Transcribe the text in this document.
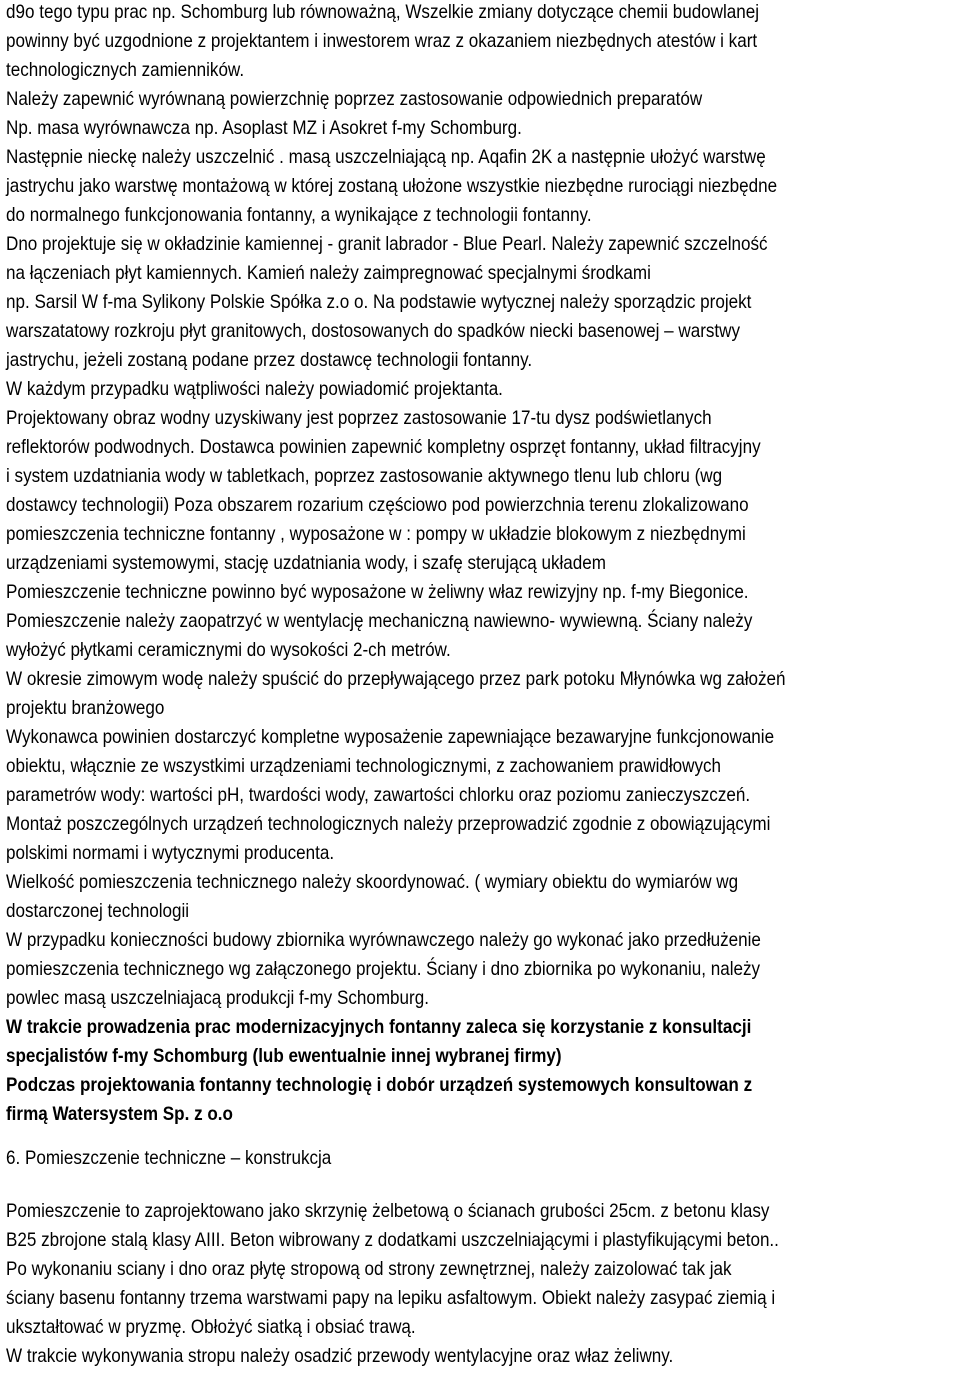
d9o tego typu prac np. Schomburg lub równoważną, Wszelkie zmiany dotyczące chemii budowlanej
powinny być uzgodnione z projektantem i inwestorem wraz z okazaniem niezbędnych atestów i kart
technologicznych zamienników.
Należy zapewnić wyrównaną powierzchnię poprzez zastosowanie odpowiednich preparatów
Np. masa wyrównawcza np. Asoplast MZ i Asokret f-my Schomburg.
Następnie nieckę należy uszczelnić . masą uszczelniającą np. Aqafin 2K a następnie ułożyć warstwę
jastrychu jako warstwę montażową w której zostaną ułożone wszystkie niezbędne rurociągi niezbędne
do normalnego funkcjonowania fontanny, a wynikające z technologii fontanny.
Dno projektuje się w okładzinie kamiennej - granit labrador - Blue Pearl. Należy zapewnić szczelność
na łączeniach płyt kamiennych. Kamień należy zaimpregnować specjalnymi środkami
np. Sarsil W f-ma Sylikony Polskie Spółka z.o o. Na podstawie wytycznej należy sporządzic projekt
warszatatowy rozkroju płyt granitowych, dostosowanych do spadków niecki basenowej – warstwy
jastrychu, jeżeli zostaną podane przez dostawcę technologii fontanny.
W każdym przypadku wątpliwości należy powiadomić projektanta.
Projektowany obraz wodny uzyskiwany jest poprzez zastosowanie 17-tu dysz podświetlanych
reflektorów podwodnych. Dostawca powinien zapewnić kompletny osprzęt fontanny, układ filtracyjny
i system uzdatniania wody w tabletkach, poprzez zastosowanie aktywnego tlenu lub chloru (wg
dostawcy technologii) Poza obszarem rozarium częściowo pod powierzchnia terenu zlokalizowano
pomieszczenia techniczne fontanny , wyposażone w : pompy w układzie blokowym z niezbędnymi
urządzeniami systemowymi, stację uzdatniania wody, i szafę sterującą układem
Pomieszczenie techniczne powinno być wyposażone w żeliwny właz rewizyjny np. f-my Biegonice.
Pomieszczenie należy zaopatrzyć w wentylację mechaniczną nawiewno- wywiewną. Ściany należy
wyłożyć płytkami ceramicznymi do wysokości 2-ch metrów.
W okresie zimowym wodę należy spuścić do przepływającego przez park potoku Młynówka wg założeń
projektu branżowego
Wykonawca powinien dostarczyć kompletne wyposażenie zapewniające bezawaryjne funkcjonowanie
obiektu, włącznie ze wszystkimi urządzeniami technologicznymi, z zachowaniem prawidłowych
parametrów wody: wartości pH, twardości wody, zawartości chlorku oraz poziomu zanieczyszczeń.
Montaż poszczególnych urządzeń technologicznych należy przeprowadzić zgodnie z obowiązującymi
polskimi normami i wytycznymi producenta.
Wielkość pomieszczenia technicznego należy skoordynować. ( wymiary obiektu do wymiarów wg
dostarczonej technologii
W przypadku konieczności budowy zbiornika wyrównawczego należy go wykonać jako przedłużenie
pomieszczenia technicznego wg załączonego projektu. Ściany i dno zbiornika po wykonaniu, należy
powlec masą uszczelniajacą produkcji f-my Schomburg.
W trakcie prowadzenia prac modernizacyjnych fontanny zaleca się korzystanie z konsultacji
specjalistów f-my Schomburg (lub ewentualnie innej wybranej firmy)
Podczas projektowania fontanny technologię i dobór urządzeń systemowych konsultowan z
firmą Watersystem Sp. z o.o
6. Pomieszczenie techniczne – konstrukcja
Pomieszczenie to zaprojektowano jako skrzynię żelbetową o ścianach grubości 25cm. z betonu klasy
B25 zbrojone stalą klasy AIII. Beton wibrowany z dodatkami uszczelniającymi i plastyfikującymi beton..
Po wykonaniu sciany i dno oraz płytę stropową od strony zewnętrznej, należy zaizolować tak jak
ściany basenu fontanny trzema warstwami papy na lepiku asfaltowym. Obiekt należy zasypać ziemią i
ukształtować w pryzmę. Obłożyć siatką i obsiać trawą.
W trakcie wykonywania stropu należy osadzić przewody wentylacyjne oraz właz żeliwny.
